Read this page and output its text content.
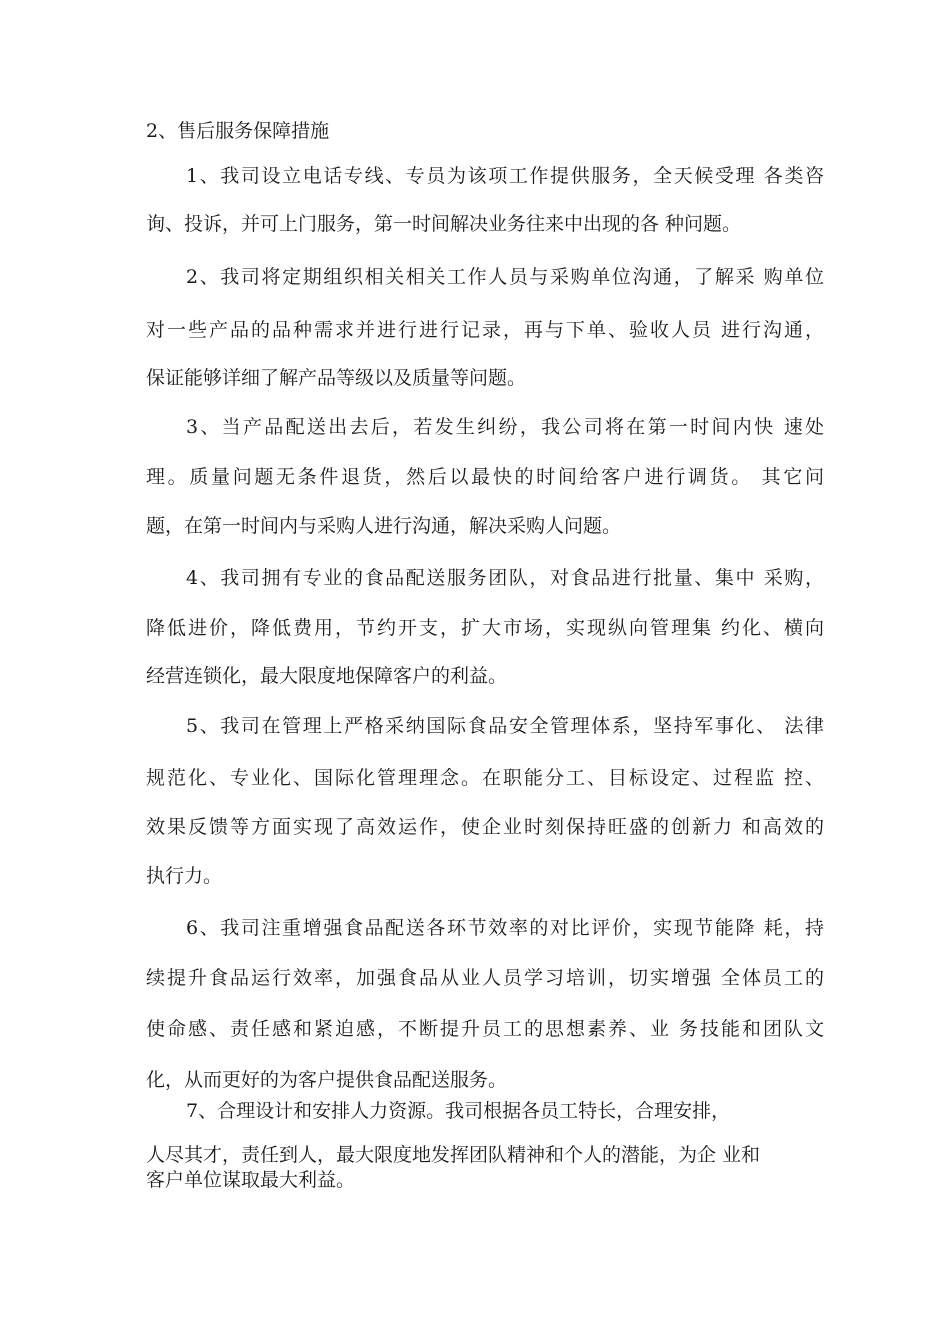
2、售后服务保障措施
1、我司设立电话专线、专员为该项工作提供服务，全天候受理 各类咨
询、投诉，并可上门服务，第一时间解决业务往来中出现的各 种问题。
2、我司将定期组织相关相关工作人员与采购单位沟通，了解采 购单位
对一些产品的品种需求并进行进行记录，再与下单、验收人员 进行沟通，
保证能够详细了解产品等级以及质量等问题。
3、当产品配送出去后，若发生纠纷，我公司将在第一时间内快 速处
理。质量问题无条件退货，然后以最快的时间给客户进行调货。 其它问
题，在第一时间内与采购人进行沟通，解决采购人问题。
4、我司拥有专业的食品配送服务团队，对食品进行批量、集中 采购，
降低进价，降低费用，节约开支，扩大市场，实现纵向管理集 约化、横向
经营连锁化，最大限度地保障客户的利益。
5、我司在管理上严格采纳国际食品安全管理体系，坚持军事化、 法律
规范化、专业化、国际化管理理念。在职能分工、目标设定、过程监 控、
效果反馈等方面实现了高效运作，使企业时刻保持旺盛的创新力 和高效的
执行力。
6、我司注重增强食品配送各环节效率的对比评价，实现节能降 耗，持
续提升食品运行效率，加强食品从业人员学习培训，切实增强 全体员工的
使命感、责任感和紧迫感，不断提升员工的思想素养、业 务技能和团队文
化，从而更好的为客户提供食品配送服务。
7、合理设计和安排人力资源。我司根据各员工特长，合理安排，
人尽其才，责任到人，最大限度地发挥团队精神和个人的潜能，为企 业和
客户单位谋取最大利益。
